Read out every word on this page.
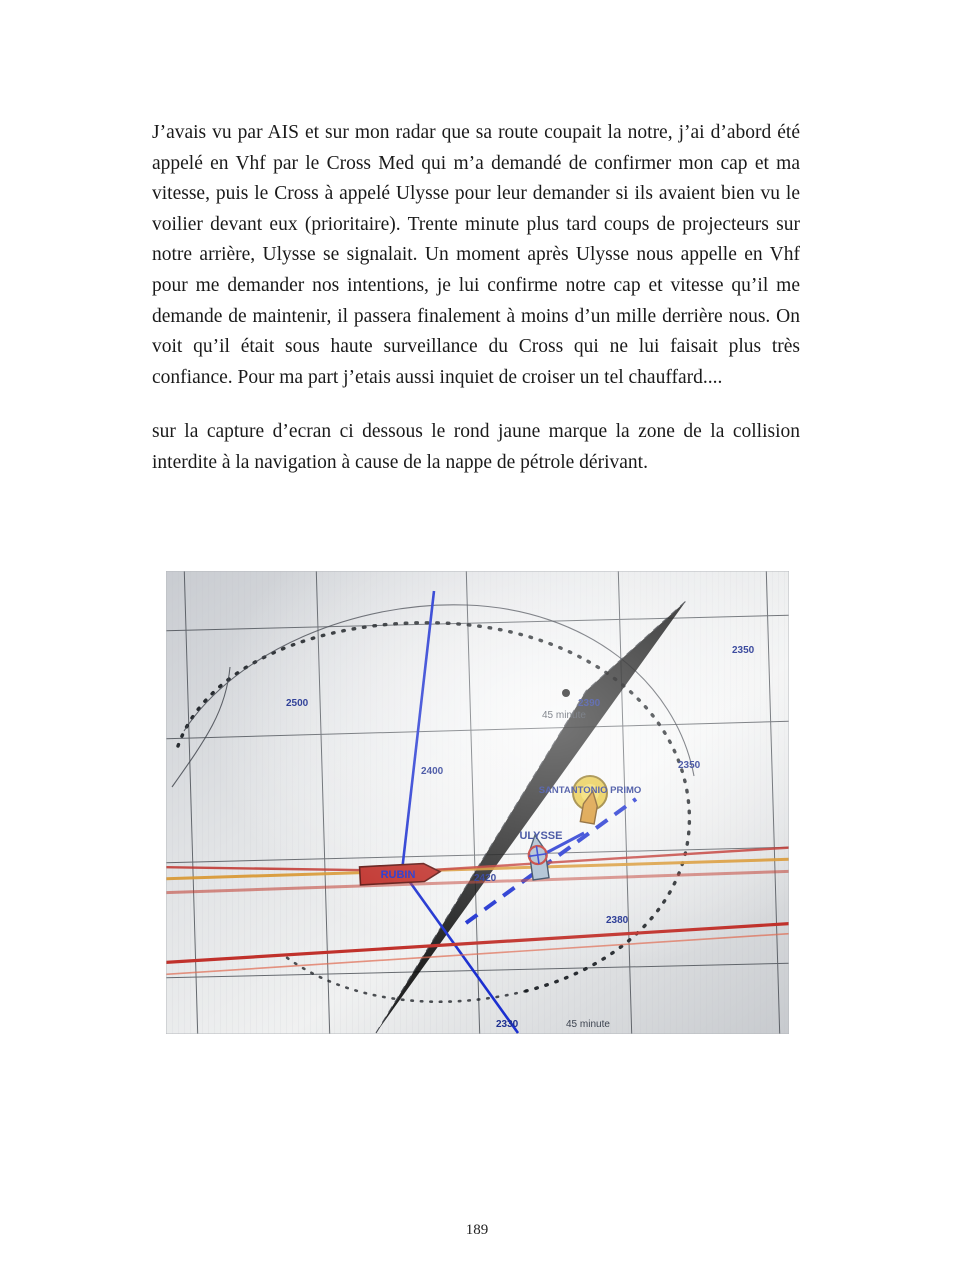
J’avais vu par AIS et sur mon radar que sa route coupait la notre, j’ai d’abord été appelé en Vhf par le Cross Med qui m’a demandé de confirmer mon cap et ma vitesse, puis le Cross à appelé Ulysse pour leur demander si ils avaient bien vu le voilier devant eux (prioritaire). Trente minute plus tard coups de projecteurs sur notre arrière, Ulysse se signalait. Un moment après Ulysse nous appelle en Vhf pour me demander nos intentions, je lui confirme notre cap et vitesse qu’il me demande de maintenir, il passera finalement à moins d’un mille derrière nous. On voit qu’il était sous haute surveillance du Cross qui ne lui faisait plus très confiance. Pour ma part j’etais aussi inquiet de croiser un tel chauffard....

sur la capture d’ecran ci dessous le rond jaune marque la zone de la collision interdite à la navigation à cause de la nappe de pétrole dérivant.

189
